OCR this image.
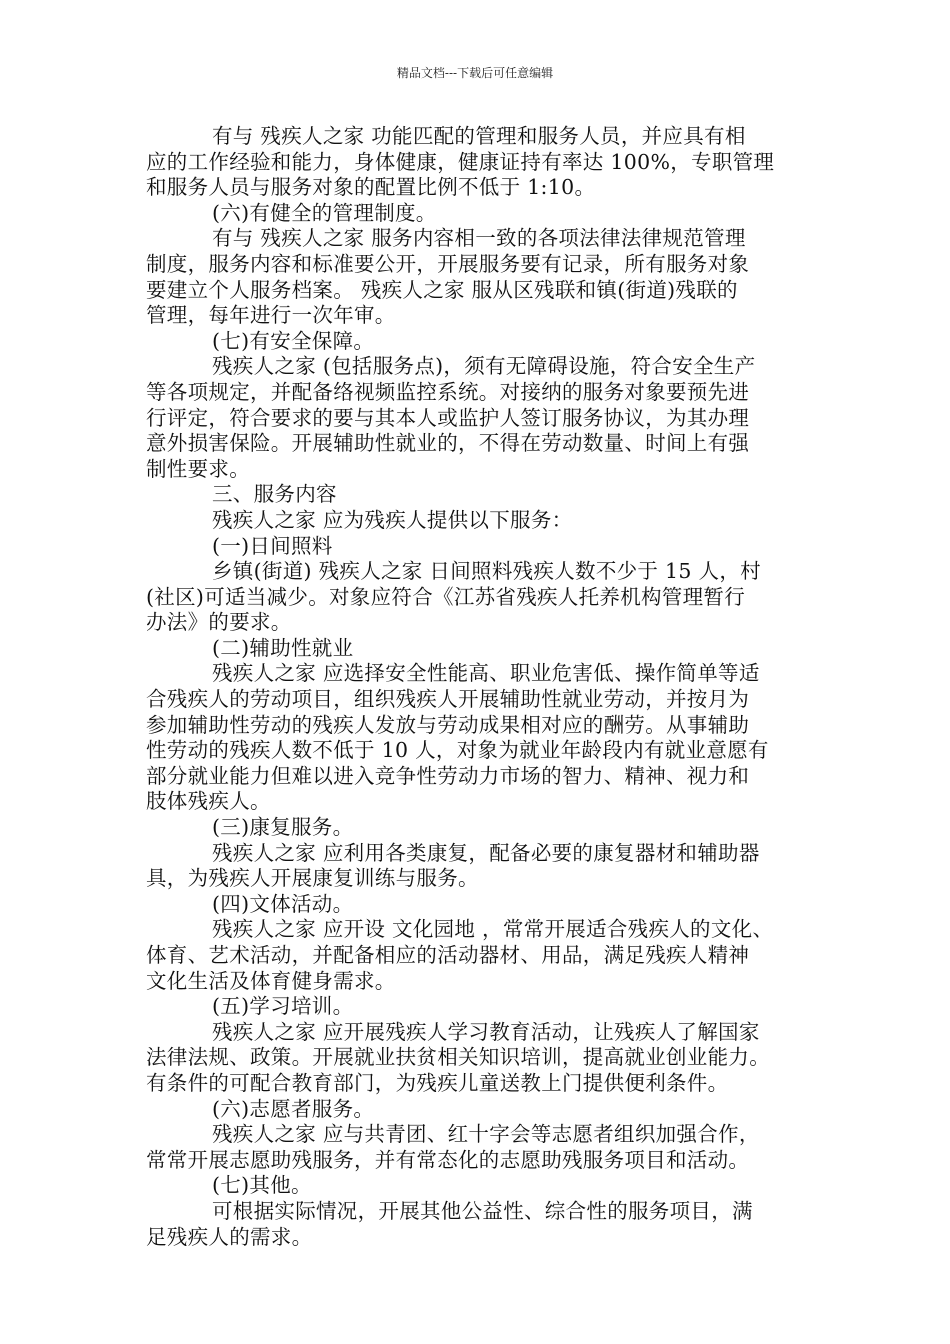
精品文档---下载后可任意编辑

有与 残疾人之家 功能匹配的管理和服务人员，并应具有相

应的工作经验和能力，身体健康，健康证持有率达 100%，专职管理

和服务人员与服务对象的配置比例不低于 1:10。

(六)有健全的管理制度。

有与 残疾人之家 服务内容相一致的各项法律法律规范管理

制度，服务内容和标准要公开，开展服务要有记录，所有服务对象

要建立个人服务档案。 残疾人之家 服从区残联和镇(街道)残联的

管理，每年进行一次年审。

(七)有安全保障。

残疾人之家 (包括服务点)，须有无障碍设施，符合安全生产

等各项规定，并配备络视频监控系统。对接纳的服务对象要预先进

行评定，符合要求的要与其本人或监护人签订服务协议，为其办理

意外损害保险。开展辅助性就业的，不得在劳动数量、时间上有强

制性要求。

三、服务内容

残疾人之家 应为残疾人提供以下服务：

(一)日间照料

乡镇(街道) 残疾人之家 日间照料残疾人数不少于 15 人，村

(社区)可适当减少。对象应符合《江苏省残疾人托养机构管理暂行

办法》的要求。

(二)辅助性就业

残疾人之家 应选择安全性能高、职业危害低、操作简单等适

合残疾人的劳动项目，组织残疾人开展辅助性就业劳动，并按月为

参加辅助性劳动的残疾人发放与劳动成果相对应的酬劳。从事辅助

性劳动的残疾人数不低于 10 人，对象为就业年龄段内有就业意愿有

部分就业能力但难以进入竞争性劳动力市场的智力、精神、视力和

肢体残疾人。

(三)康复服务。

残疾人之家 应利用各类康复，配备必要的康复器材和辅助器

具，为残疾人开展康复训练与服务。

(四)文体活动。

残疾人之家 应开设 文化园地 ，常常开展适合残疾人的文化、

体育、艺术活动，并配备相应的活动器材、用品，满足残疾人精神

文化生活及体育健身需求。

(五)学习培训。

残疾人之家 应开展残疾人学习教育活动，让残疾人了解国家

法律法规、政策。开展就业扶贫相关知识培训，提高就业创业能力。

有条件的可配合教育部门，为残疾儿童送教上门提供便利条件。

(六)志愿者服务。

残疾人之家 应与共青团、红十字会等志愿者组织加强合作，

常常开展志愿助残服务，并有常态化的志愿助残服务项目和活动。

(七)其他。

可根据实际情况，开展其他公益性、综合性的服务项目，满

足残疾人的需求。
